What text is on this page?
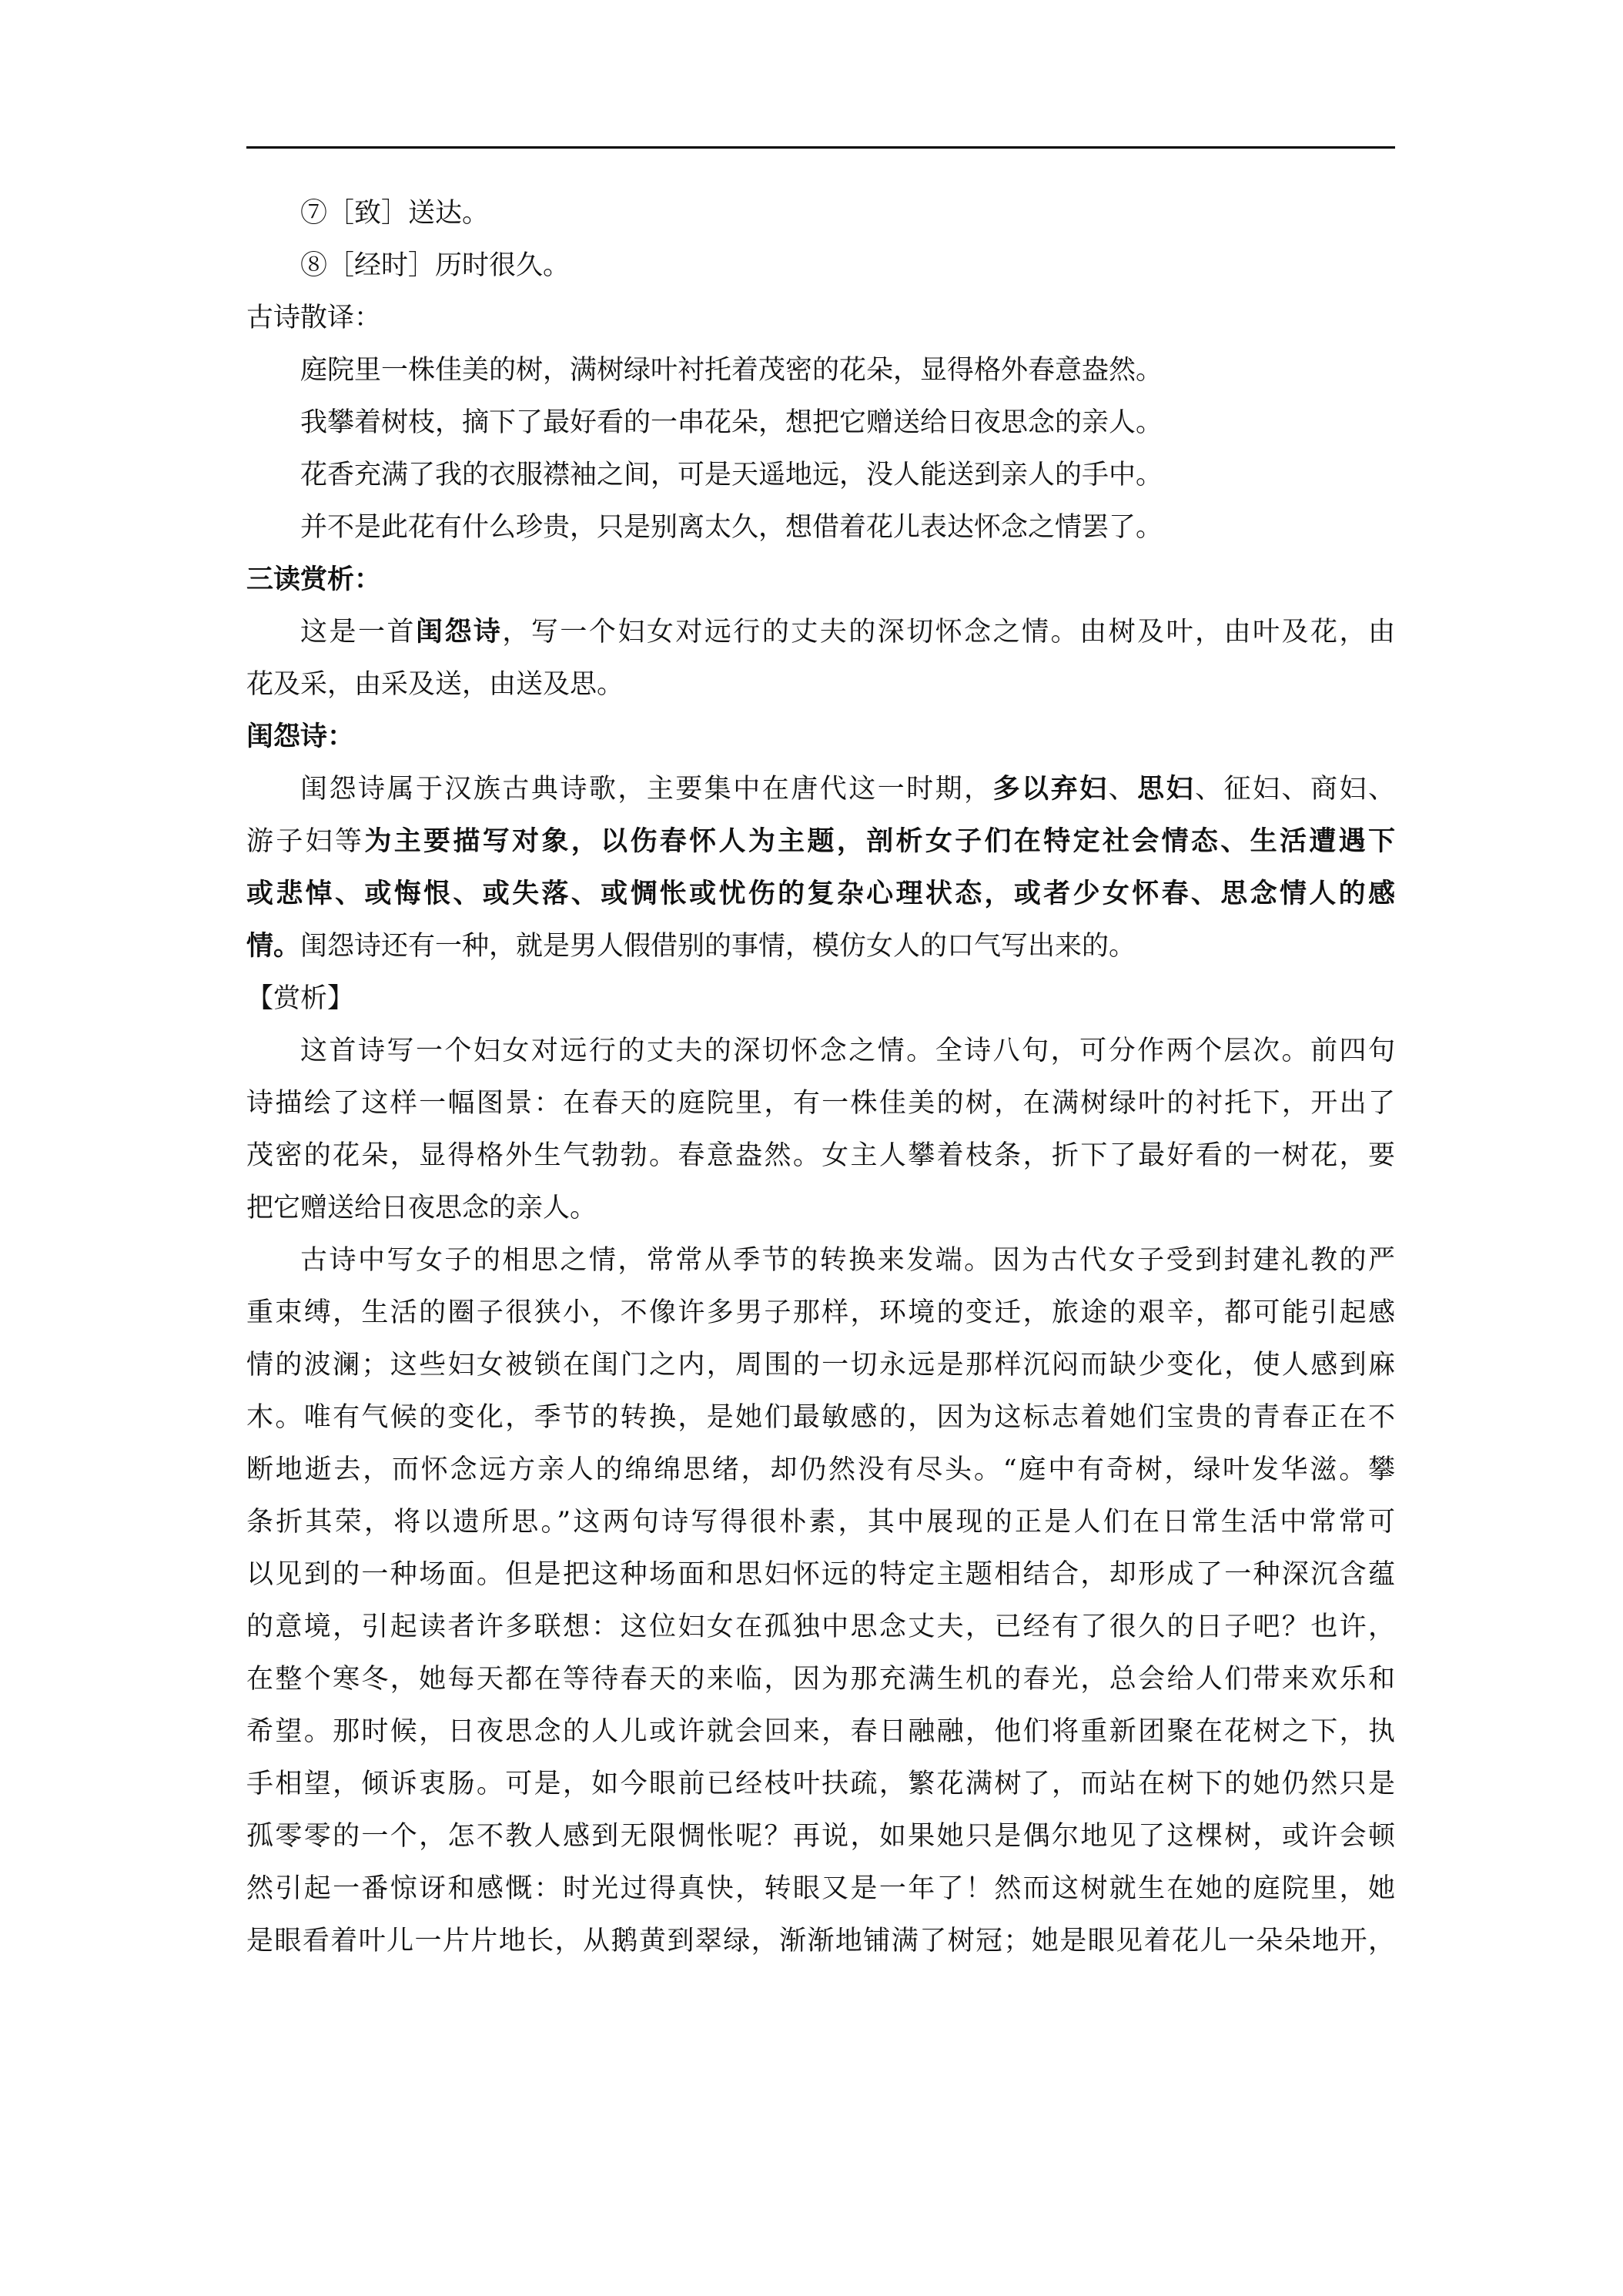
⑦［致］送达。
⑧［经时］历时很久。
古诗散译：
庭院里一株佳美的树，满树绿叶衬托着茂密的花朵，显得格外春意盎然。
我攀着树枝，摘下了最好看的一串花朵，想把它赠送给日夜思念的亲人。
花香充满了我的衣服襟袖之间，可是天遥地远，没人能送到亲人的手中。
并不是此花有什么珍贵，只是别离太久，想借着花儿表达怀念之情罢了。
三读赏析：
这是一首闺怨诗，写一个妇女对远行的丈夫的深切怀念之情。由树及叶，由叶及花，由
花及采，由采及送，由送及思。
闺怨诗：
闺怨诗属于汉族古典诗歌，主要集中在唐代这一时期，多以弃妇、思妇、征妇、商妇、
游子妇等为主要描写对象，以伤春怀人为主题，剖析女子们在特定社会情态、生活遭遇下
或悲悼、或悔恨、或失落、或惆怅或忧伤的复杂心理状态，或者少女怀春、思念情人的感
情。闺怨诗还有一种，就是男人假借别的事情，模仿女人的口气写出来的。
【赏析】
这首诗写一个妇女对远行的丈夫的深切怀念之情。全诗八句，可分作两个层次。前四句
诗描绘了这样一幅图景：在春天的庭院里，有一株佳美的树，在满树绿叶的衬托下，开出了
茂密的花朵，显得格外生气勃勃。春意盎然。女主人攀着枝条，折下了最好看的一树花，要
把它赠送给日夜思念的亲人。
古诗中写女子的相思之情，常常从季节的转换来发端。因为古代女子受到封建礼教的严
重束缚，生活的圈子很狭小，不像许多男子那样，环境的变迁，旅途的艰辛，都可能引起感
情的波澜；这些妇女被锁在闺门之内，周围的一切永远是那样沉闷而缺少变化，使人感到麻
木。唯有气候的变化，季节的转换，是她们最敏感的，因为这标志着她们宝贵的青春正在不
断地逝去，而怀念远方亲人的绵绵思绪，却仍然没有尽头。“庭中有奇树，绿叶发华滋。攀
条折其荣，将以遗所思。”这两句诗写得很朴素，其中展现的正是人们在日常生活中常常可
以见到的一种场面。但是把这种场面和思妇怀远的特定主题相结合，却形成了一种深沉含蕴
的意境，引起读者许多联想：这位妇女在孤独中思念丈夫，已经有了很久的日子吧？也许，
在整个寒冬，她每天都在等待春天的来临，因为那充满生机的春光，总会给人们带来欢乐和
希望。那时候，日夜思念的人儿或许就会回来，春日融融，他们将重新团聚在花树之下，执
手相望，倾诉衷肠。可是，如今眼前已经枝叶扶疏，繁花满树了，而站在树下的她仍然只是
孤零零的一个，怎不教人感到无限惆怅呢？再说，如果她只是偶尔地见了这棵树，或许会顿
然引起一番惊讶和感慨：时光过得真快，转眼又是一年了！然而这树就生在她的庭院里，她
是眼看着叶儿一片片地长，从鹅黄到翠绿，渐渐地铺满了树冠；她是眼见着花儿一朵朵地开，
